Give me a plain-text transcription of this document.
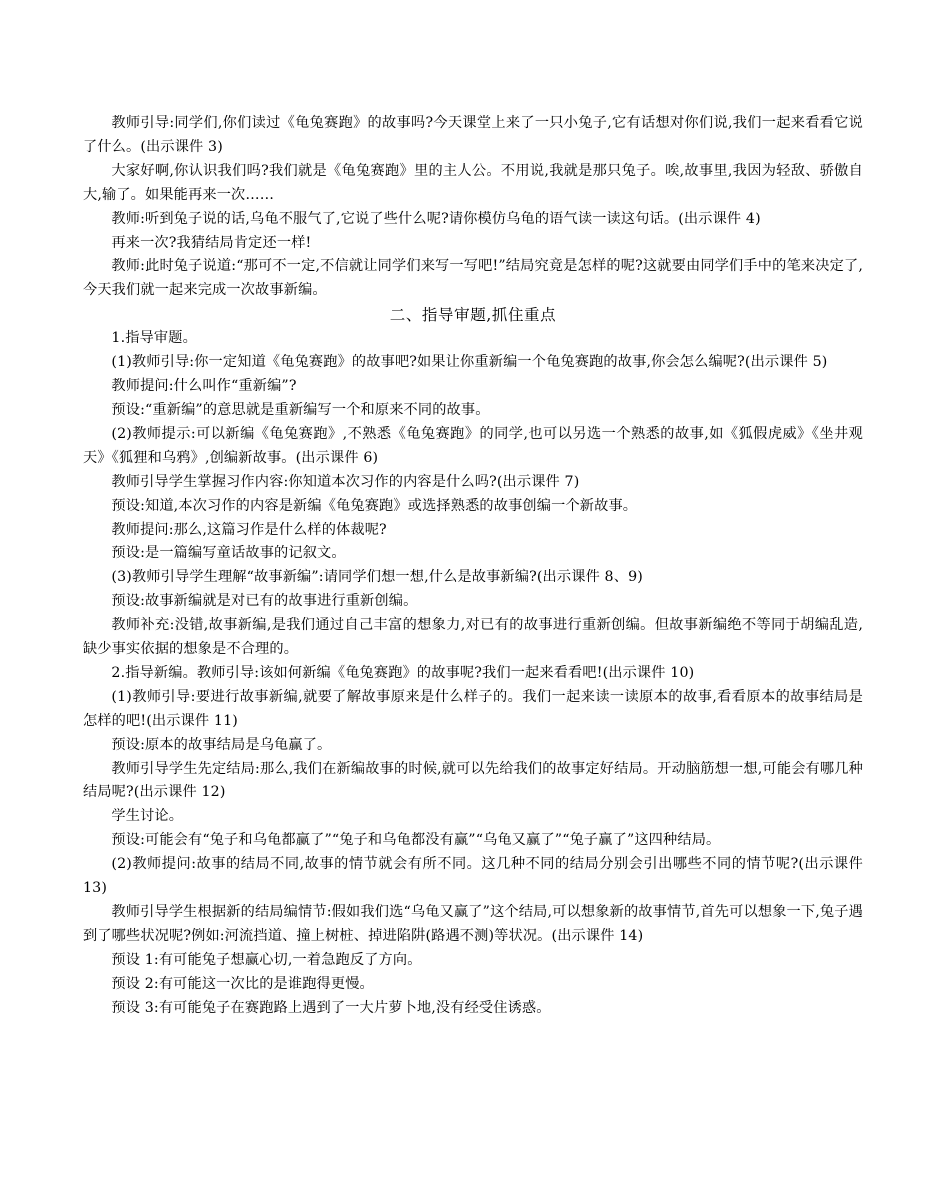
教师引导:同学们,你们读过《龟兔赛跑》的故事吗?今天课堂上来了一只小兔子,它有话想对你们说,我们一起来看看它说了什么。(出示课件 3)

大家好啊,你认识我们吗?我们就是《龟兔赛跑》里的主人公。不用说,我就是那只兔子。唉,故事里,我因为轻敌、骄傲自大,输了。如果能再来一次……

教师:听到兔子说的话,乌龟不服气了,它说了些什么呢?请你模仿乌龟的语气读一读这句话。(出示课件 4)

再来一次?我猜结局肯定还一样!

教师:此时兔子说道:“那可不一定,不信就让同学们来写一写吧!”结局究竟是怎样的呢?这就要由同学们手中的笔来决定了,今天我们就一起来完成一次故事新编。

二、指导审题,抓住重点

1.指导审题。

(1)教师引导:你一定知道《龟兔赛跑》的故事吧?如果让你重新编一个龟兔赛跑的故事,你会怎么编呢?(出示课件 5)

教师提问:什么叫作“重新编”?

预设:“重新编”的意思就是重新编写一个和原来不同的故事。

(2)教师提示:可以新编《龟兔赛跑》,不熟悉《龟兔赛跑》的同学,也可以另选一个熟悉的故事,如《狐假虎威》《坐井观天》《狐狸和乌鸦》,创编新故事。(出示课件 6)

教师引导学生掌握习作内容:你知道本次习作的内容是什么吗?(出示课件 7)

预设:知道,本次习作的内容是新编《龟兔赛跑》或选择熟悉的故事创编一个新故事。

教师提问:那么,这篇习作是什么样的体裁呢?

预设:是一篇编写童话故事的记叙文。

(3)教师引导学生理解“故事新编”:请同学们想一想,什么是故事新编?(出示课件 8、9)

预设:故事新编就是对已有的故事进行重新创编。

教师补充:没错,故事新编,是我们通过自己丰富的想象力,对已有的故事进行重新创编。但故事新编绝不等同于胡编乱造,缺少事实依据的想象是不合理的。

2.指导新编。教师引导:该如何新编《龟兔赛跑》的故事呢?我们一起来看看吧!(出示课件 10)

(1)教师引导:要进行故事新编,就要了解故事原来是什么样子的。我们一起来读一读原本的故事,看看原本的故事结局是怎样的吧!(出示课件 11)

预设:原本的故事结局是乌龟赢了。

教师引导学生先定结局:那么,我们在新编故事的时候,就可以先给我们的故事定好结局。开动脑筋想一想,可能会有哪几种结局呢?(出示课件 12)

学生讨论。

预设:可能会有“兔子和乌龟都赢了”“兔子和乌龟都没有赢”“乌龟又赢了”“兔子赢了”这四种结局。

(2)教师提问:故事的结局不同,故事的情节就会有所不同。这几种不同的结局分别会引出哪些不同的情节呢?(出示课件 13)

教师引导学生根据新的结局编情节:假如我们选“乌龟又赢了”这个结局,可以想象新的故事情节,首先可以想象一下,兔子遇到了哪些状况呢?例如:河流挡道、撞上树桩、掉进陷阱(路遇不测)等状况。(出示课件 14)

预设 1:有可能兔子想赢心切,一着急跑反了方向。

预设 2:有可能这一次比的是谁跑得更慢。

预设 3:有可能兔子在赛跑路上遇到了一大片萝卜地,没有经受住诱惑。
